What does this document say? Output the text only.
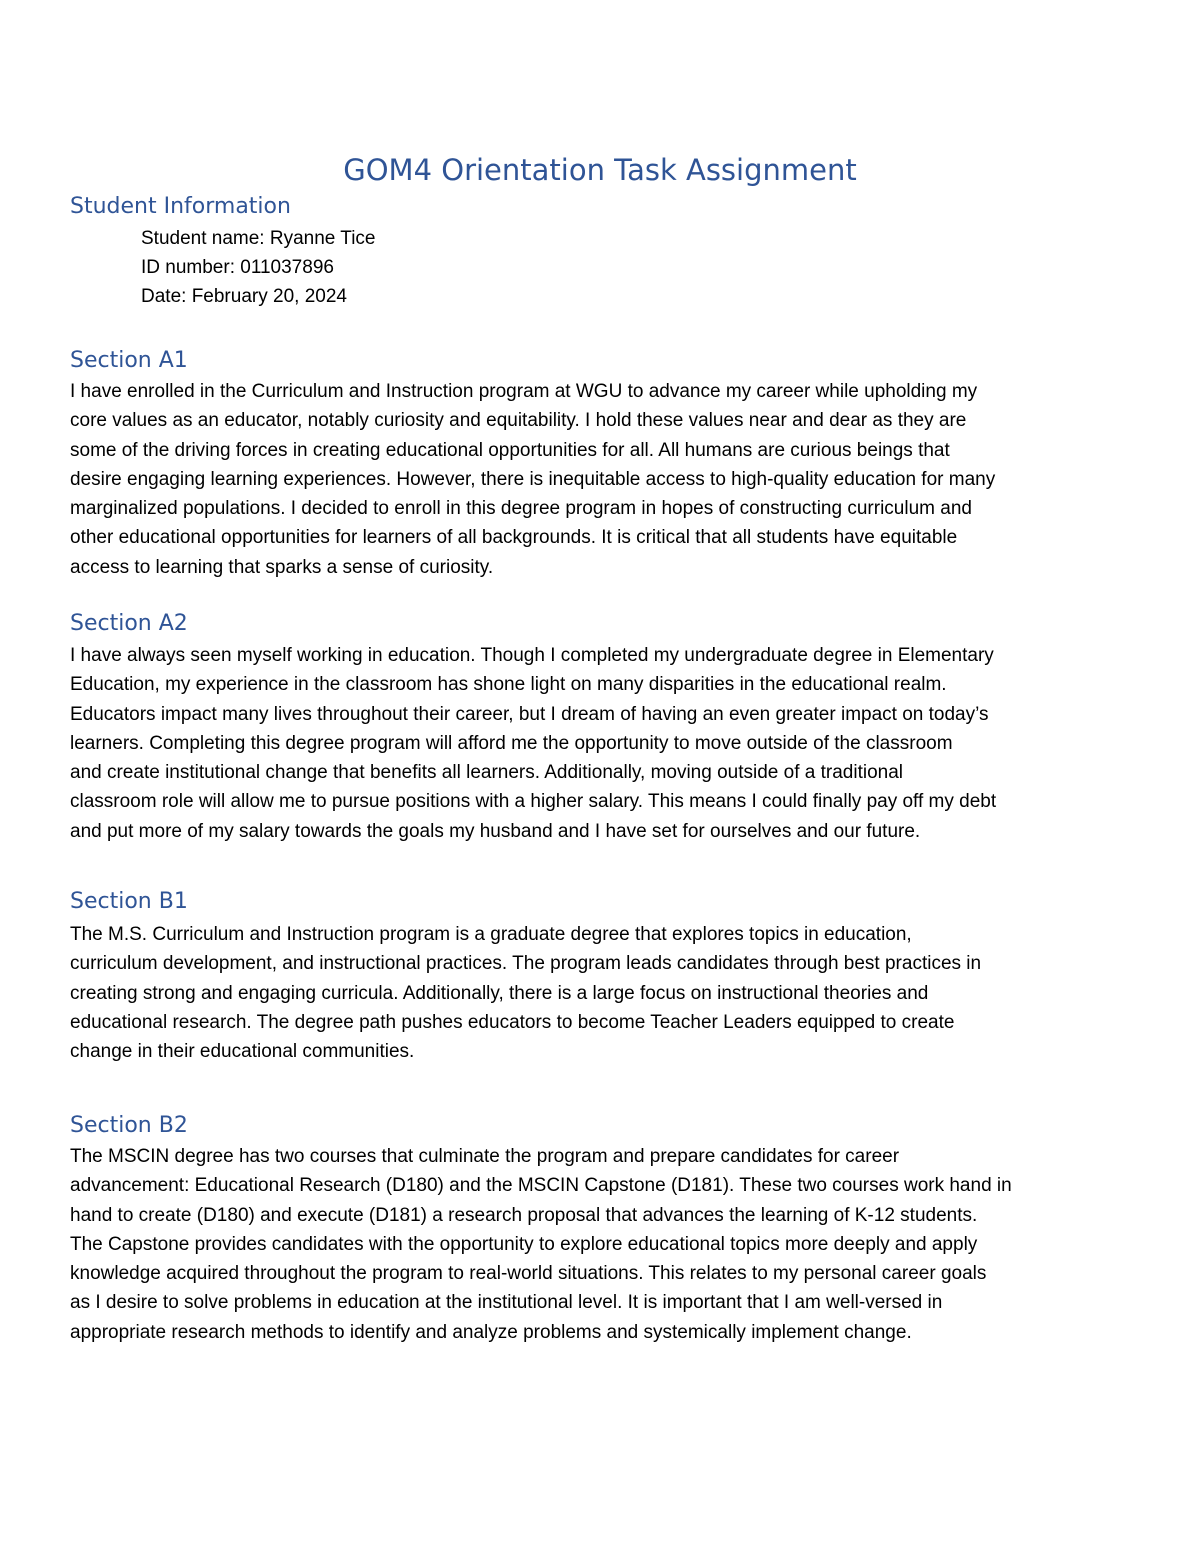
GOM4 Orientation Task Assignment
Student Information
Student name: Ryanne Tice
ID number: 011037896
Date: February 20, 2024
Section A1
I have enrolled in the Curriculum and Instruction program at WGU to advance my career while upholding my
core values as an educator, notably curiosity and equitability. I hold these values near and dear as they are
some of the driving forces in creating educational opportunities for all. All humans are curious beings that
desire engaging learning experiences. However, there is inequitable access to high-quality education for many
marginalized populations. I decided to enroll in this degree program in hopes of constructing curriculum and
other educational opportunities for learners of all backgrounds. It is critical that all students have equitable
access to learning that sparks a sense of curiosity.
Section A2
I have always seen myself working in education. Though I completed my undergraduate degree in Elementary
Education, my experience in the classroom has shone light on many disparities in the educational realm.
Educators impact many lives throughout their career, but I dream of having an even greater impact on today’s
learners. Completing this degree program will afford me the opportunity to move outside of the classroom
and create institutional change that benefits all learners. Additionally, moving outside of a traditional
classroom role will allow me to pursue positions with a higher salary. This means I could finally pay off my debt
and put more of my salary towards the goals my husband and I have set for ourselves and our future.
Section B1
The M.S. Curriculum and Instruction program is a graduate degree that explores topics in education,
curriculum development, and instructional practices. The program leads candidates through best practices in
creating strong and engaging curricula. Additionally, there is a large focus on instructional theories and
educational research. The degree path pushes educators to become Teacher Leaders equipped to create
change in their educational communities.
Section B2
The MSCIN degree has two courses that culminate the program and prepare candidates for career
advancement: Educational Research (D180) and the MSCIN Capstone (D181). These two courses work hand in
hand to create (D180) and execute (D181) a research proposal that advances the learning of K-12 students.
The Capstone provides candidates with the opportunity to explore educational topics more deeply and apply
knowledge acquired throughout the program to real-world situations. This relates to my personal career goals
as I desire to solve problems in education at the institutional level. It is important that I am well-versed in
appropriate research methods to identify and analyze problems and systemically implement change.
